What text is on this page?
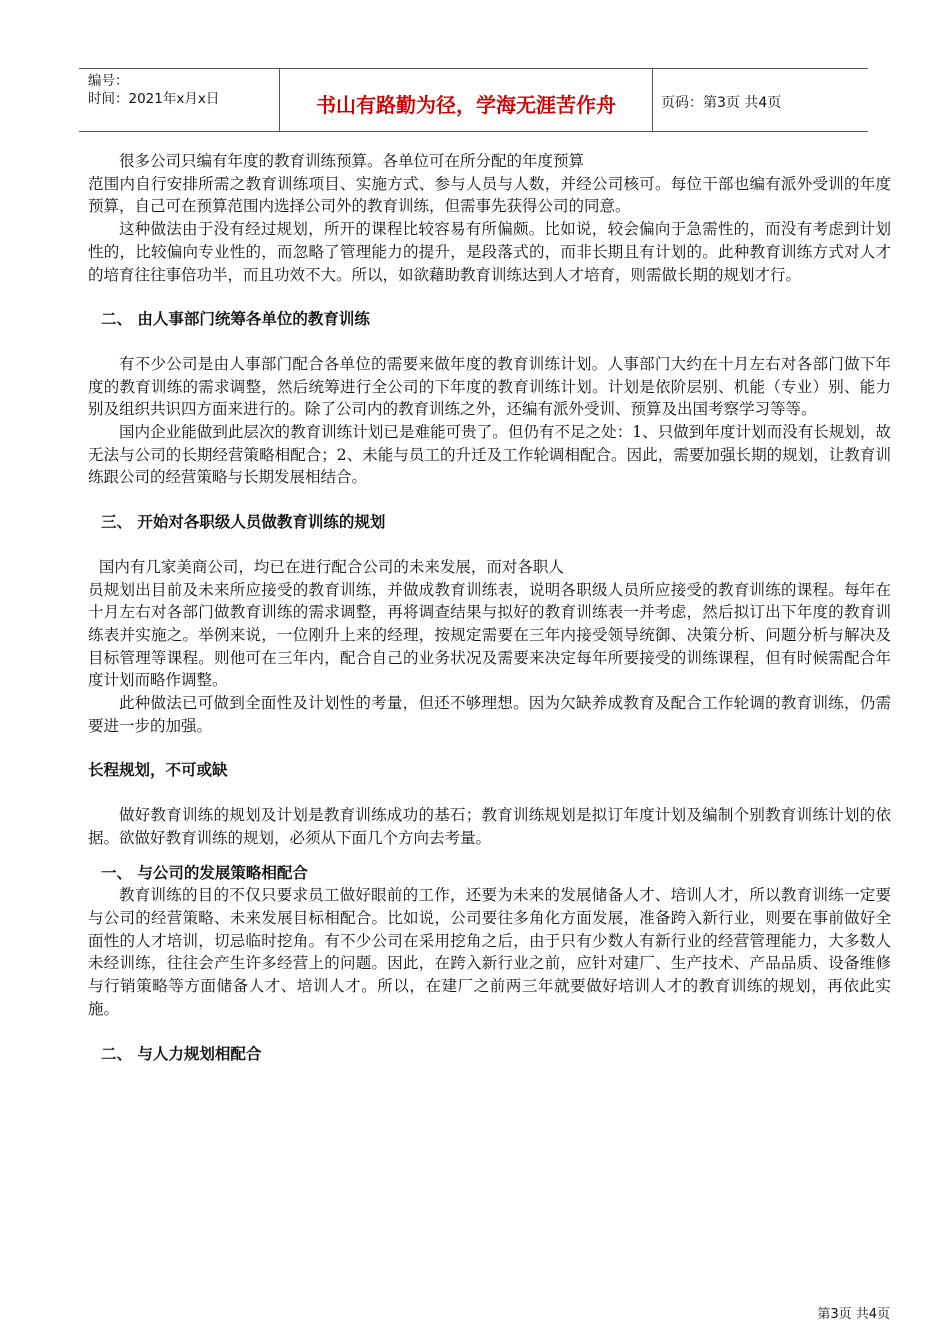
编号：
时间：2021年x月x日	书山有路勤为径，学海无涯苦作舟	页码：第3页 共4页

很多公司只编有年度的教育训练预算。各单位可在所分配的年度预算

范围内自行安排所需之教育训练项目、实施方式、参与人员与人数，并经公司核可。每位干部也编有派外受训的年度预算，自己可在预算范围内选择公司外的教育训练，但需事先获得公司的同意。

这种做法由于没有经过规划，所开的课程比较容易有所偏颇。比如说，较会偏向于急需性的，而没有考虑到计划性的，比较偏向专业性的，而忽略了管理能力的提升，是段落式的，而非长期且有计划的。此种教育训练方式对人才的培育往往事倍功半，而且功效不大。所以，如欲藉助教育训练达到人才培育，则需做长期的规划才行。

二、 由人事部门统筹各单位的教育训练

有不少公司是由人事部门配合各单位的需要来做年度的教育训练计划。人事部门大约在十月左右对各部门做下年度的教育训练的需求调整，然后统筹进行全公司的下年度的教育训练计划。计划是依阶层别、机能（专业）别、能力别及组织共识四方面来进行的。除了公司内的教育训练之外，还编有派外受训、预算及出国考察学习等等。

国内企业能做到此层次的教育训练计划已是难能可贵了。但仍有不足之处：1、只做到年度计划而没有长规划，故无法与公司的长期经营策略相配合；2、未能与员工的升迁及工作轮调相配合。因此，需要加强长期的规划，让教育训练跟公司的经营策略与长期发展相结合。

三、 开始对各职级人员做教育训练的规划

国内有几家美商公司，均已在进行配合公司的未来发展，而对各职人

员规划出目前及未来所应接受的教育训练，并做成教育训练表，说明各职级人员所应接受的教育训练的课程。每年在十月左右对各部门做教育训练的需求调整，再将调查结果与拟好的教育训练表一并考虑，然后拟订出下年度的教育训练表并实施之。举例来说，一位刚升上来的经理，按规定需要在三年内接受领导统御、决策分析、问题分析与解决及目标管理等课程。则他可在三年内，配合自己的业务状况及需要来决定每年所要接受的训练课程，但有时候需配合年度计划而略作调整。

此种做法已可做到全面性及计划性的考量，但还不够理想。因为欠缺养成教育及配合工作轮调的教育训练，仍需要进一步的加强。

长程规划，不可或缺

做好教育训练的规划及计划是教育训练成功的基石；教育训练规划是拟订年度计划及编制个别教育训练计划的依据。欲做好教育训练的规划，必须从下面几个方向去考量。

一、 与公司的发展策略相配合

教育训练的目的不仅只要求员工做好眼前的工作，还要为未来的发展储备人才、培训人才，所以教育训练一定要与公司的经营策略、未来发展目标相配合。比如说，公司要往多角化方面发展，准备跨入新行业，则要在事前做好全面性的人才培训，切忌临时挖角。有不少公司在采用挖角之后，由于只有少数人有新行业的经营管理能力，大多数人未经训练，往往会产生许多经营上的问题。因此，在跨入新行业之前，应针对建厂、生产技术、产品品质、设备维修与行销策略等方面储备人才、培训人才。所以，在建厂之前两三年就要做好培训人才的教育训练的规划，再依此实施。

二、 与人力规划相配合

第3页 共4页
